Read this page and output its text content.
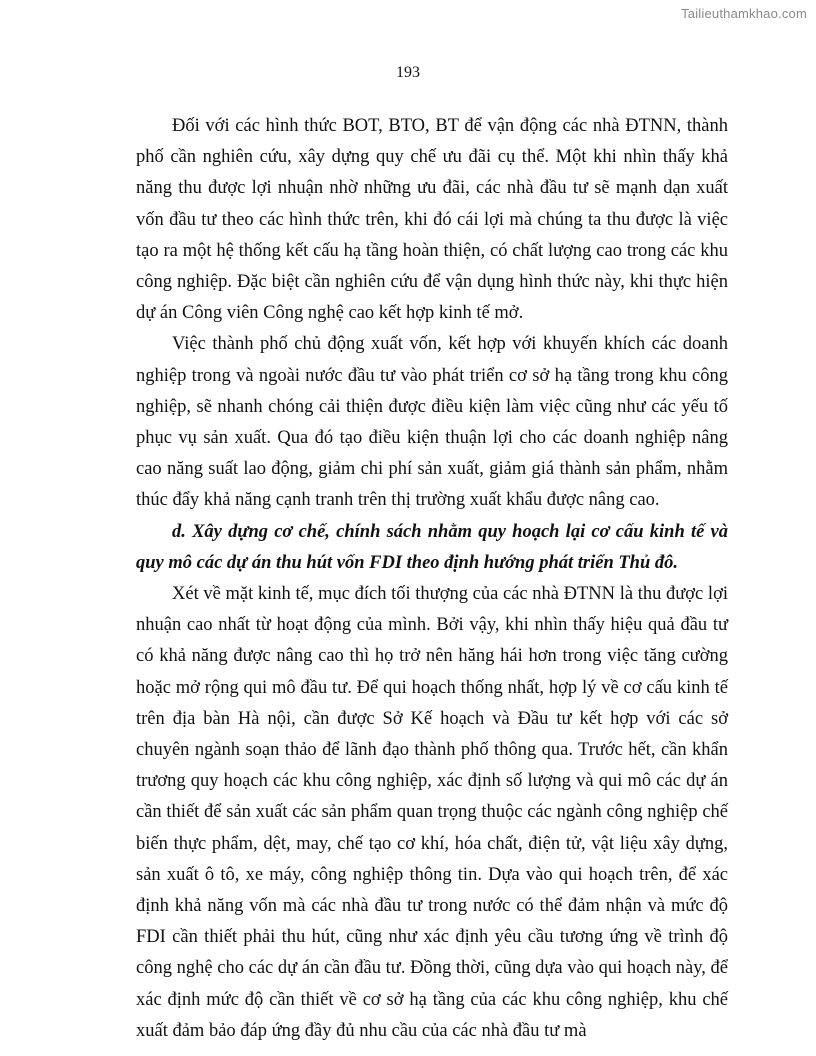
Tailieuthamkhao.com
193

Đối với các hình thức BOT, BTO, BT để vận động các nhà ĐTNN, thành phố cần nghiên cứu, xây dựng quy chế ưu đãi cụ thể. Một khi nhìn thấy khả năng thu được lợi nhuận nhờ những ưu đãi, các nhà đầu tư sẽ mạnh dạn xuất vốn đầu tư theo các hình thức trên, khi đó cái lợi mà chúng ta thu được là việc tạo ra một hệ thống kết cấu hạ tầng hoàn thiện, có chất lượng cao trong các khu công nghiệp. Đặc biệt cần nghiên cứu để vận dụng hình thức này, khi thực hiện dự án Công viên Công nghệ cao kết hợp kinh tế mở.

Việc thành phố chủ động xuất vốn, kết hợp với khuyến khích các doanh nghiệp trong và ngoài nước đầu tư vào phát triển cơ sở hạ tầng trong khu công nghiệp, sẽ nhanh chóng cải thiện được điều kiện làm việc cũng như các yếu tố phục vụ sản xuất. Qua đó tạo điều kiện thuận lợi cho các doanh nghiệp nâng cao năng suất lao động, giảm chi phí sản xuất, giảm giá thành sản phẩm, nhằm thúc đẩy khả năng cạnh tranh trên thị trường xuất khẩu được nâng cao.

d. Xây dựng cơ chế, chính sách nhằm quy hoạch lại cơ cấu kinh tế và quy mô các dự án thu hút vốn FDI theo định hướng phát triển Thủ đô.

Xét về mặt kinh tế, mục đích tối thượng của các nhà ĐTNN là thu được lợi nhuận cao nhất từ hoạt động của mình. Bởi vậy, khi nhìn thấy hiệu quả đầu tư có khả năng được nâng cao thì họ trở nên hăng hái hơn trong việc tăng cường hoặc mở rộng qui mô đầu tư. Để qui hoạch thống nhất, hợp lý về cơ cấu kinh tế trên địa bàn Hà nội, cần được Sở Kế hoạch và Đầu tư kết hợp với các sở chuyên ngành soạn thảo để lãnh đạo thành phố thông qua. Trước hết, cần khẩn trương quy hoạch các khu công nghiệp, xác định số lượng và qui mô các dự án cần thiết để sản xuất các sản phẩm quan trọng thuộc các ngành công nghiệp chế biến thực phẩm, dệt, may, chế tạo cơ khí, hóa chất, điện tử, vật liệu xây dựng, sản xuất ô tô, xe máy, công nghiệp thông tin. Dựa vào qui hoạch trên, để xác định khả năng vốn mà các nhà đầu tư trong nước có thể đảm nhận và mức độ FDI cần thiết phải thu hút, cũng như xác định yêu cầu tương ứng về trình độ công nghệ cho các dự án cần đầu tư. Đồng thời, cũng dựa vào qui hoạch này, để xác định mức độ cần thiết về cơ sở hạ tầng của các khu công nghiệp, khu chế xuất đảm bảo đáp ứng đầy đủ nhu cầu của các nhà đầu tư mà
